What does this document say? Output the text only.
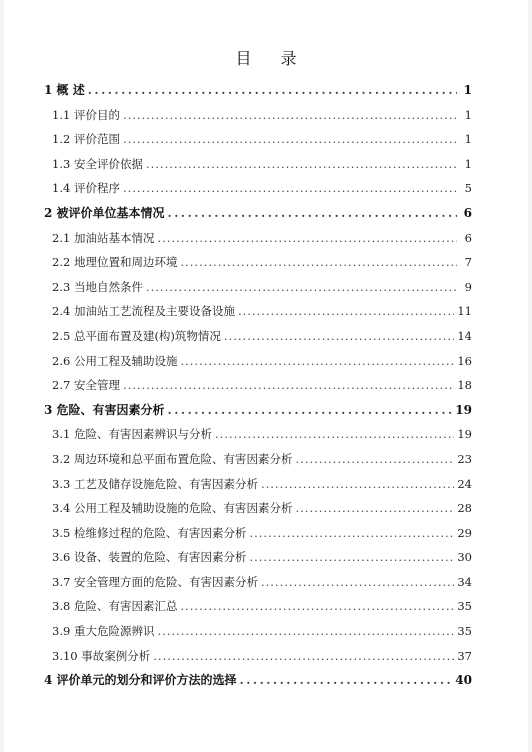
目 录
1 概 述 .....	1
1.1 评价目的 .....	1
1.2 评价范围 .....	1
1.3 安全评价依据 .....	1
1.4 评价程序 .....	5
2 被评价单位基本情况 .....	6
2.1 加油站基本情况 .....	6
2.2 地理位置和周边环境 .....	7
2.3 当地自然条件 .....	9
2.4 加油站工艺流程及主要设备设施 .....	11
2.5 总平面布置及建(构)筑物情况 .....	14
2.6 公用工程及辅助设施 .....	16
2.7 安全管理 .....	18
3 危险、有害因素分析 .....	19
3.1 危险、有害因素辨识与分析 .....	19
3.2 周边环境和总平面布置危险、有害因素分析 .....	23
3.3 工艺及储存设施危险、有害因素分析 .....	24
3.4 公用工程及辅助设施的危险、有害因素分析 .....	28
3.5 检维修过程的危险、有害因素分析 .....	29
3.6 设备、装置的危险、有害因素分析 .....	30
3.7 安全管理方面的危险、有害因素分析 .....	34
3.8 危险、有害因素汇总 .....	35
3.9 重大危险源辨识 .....	35
3.10 事故案例分析 .....	37
4 评价单元的划分和评价方法的选择 .....	40
